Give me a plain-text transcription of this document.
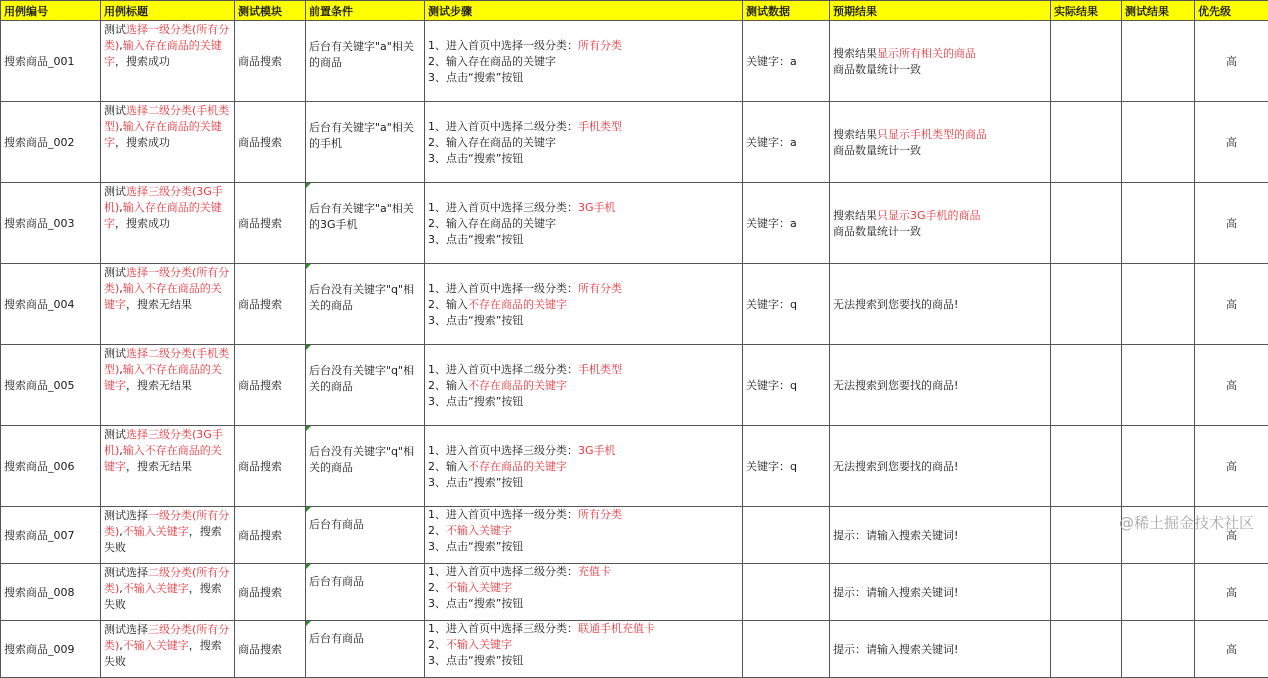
用例编号	用例标题	测试模块	前置条件	测试步骤	测试数据	预期结果	实际结果	测试结果	优先级
搜索商品_001	测试选择一级分类(所有分类),输入存在商品的关键字，搜索成功	商品搜索	后台有关键字"a"相关的商品	1、进入首页中选择一级分类：所有分类
2、输入存在商品的关键字
3、点击“搜索”按钮	关键字：a	搜索结果显示所有相关的商品
商品数量统计一致			高
搜索商品_002	测试选择二级分类(手机类型),输入存在商品的关键字，搜索成功	商品搜索	后台有关键字"a"相关的手机	1、进入首页中选择二级分类：手机类型
2、输入存在商品的关键字
3、点击“搜索”按钮	关键字：a	搜索结果只显示手机类型的商品
商品数量统计一致			高
搜索商品_003	测试选择三级分类(3G手机),输入存在商品的关键字，搜索成功	商品搜索	后台有关键字"a"相关的3G手机	1、进入首页中选择三级分类：3G手机
2、输入存在商品的关键字
3、点击“搜索”按钮	关键字：a	搜索结果只显示3G手机的商品
商品数量统计一致			高
搜索商品_004	测试选择一级分类(所有分类),输入不存在商品的关键字，搜索无结果	商品搜索	后台没有关键字"q"相关的商品	1、进入首页中选择一级分类：所有分类
2、输入不存在商品的关键字
3、点击“搜索”按钮	关键字：q	无法搜索到您要找的商品!			高
搜索商品_005	测试选择二级分类(手机类型),输入不存在商品的关键字，搜索无结果	商品搜索	后台没有关键字"q"相关的商品	1、进入首页中选择二级分类：手机类型
2、输入不存在商品的关键字
3、点击“搜索”按钮	关键字：q	无法搜索到您要找的商品!			高
搜索商品_006	测试选择三级分类(3G手机),输入不存在商品的关键字，搜索无结果	商品搜索	后台没有关键字"q"相关的商品	1、进入首页中选择三级分类：3G手机
2、输入不存在商品的关键字
3、点击“搜索”按钮	关键字：q	无法搜索到您要找的商品!			高
搜索商品_007	测试选择一级分类(所有分类),不输入关键字，搜索失败	商品搜索	后台有商品	1、进入首页中选择一级分类：所有分类
2、不输入关键字
3、点击“搜索”按钮		提示：请输入搜索关键词!			高
搜索商品_008	测试选择二级分类(所有分类),不输入关键字，搜索失败	商品搜索	后台有商品	1、进入首页中选择二级分类：充值卡
2、不输入关键字
3、点击“搜索”按钮		提示：请输入搜索关键词!			高
搜索商品_009	测试选择三级分类(所有分类),不输入关键字，搜索失败	商品搜索	后台有商品	1、进入首页中选择三级分类：联通手机充值卡
2、不输入关键字
3、点击“搜索”按钮		提示：请输入搜索关键词!			高
@稀土掘金技术社区
